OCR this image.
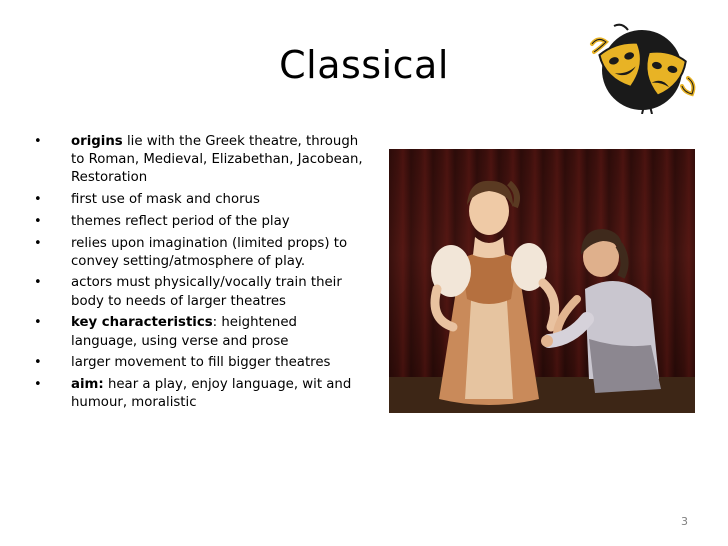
Classical
• origins lie with the Greek theatre, through to Roman, Medieval, Elizabethan, Jacobean, Restoration
• first use of mask and chorus
• themes reflect period of the play
• relies upon imagination (limited props) to convey setting/atmosphere of play.
• actors must physically/vocally train their body to needs of larger theatres
• key characteristics: heightened language, using verse and prose
• larger movement to fill bigger theatres
• aim: hear a play, enjoy language, wit and humour, moralistic
3
